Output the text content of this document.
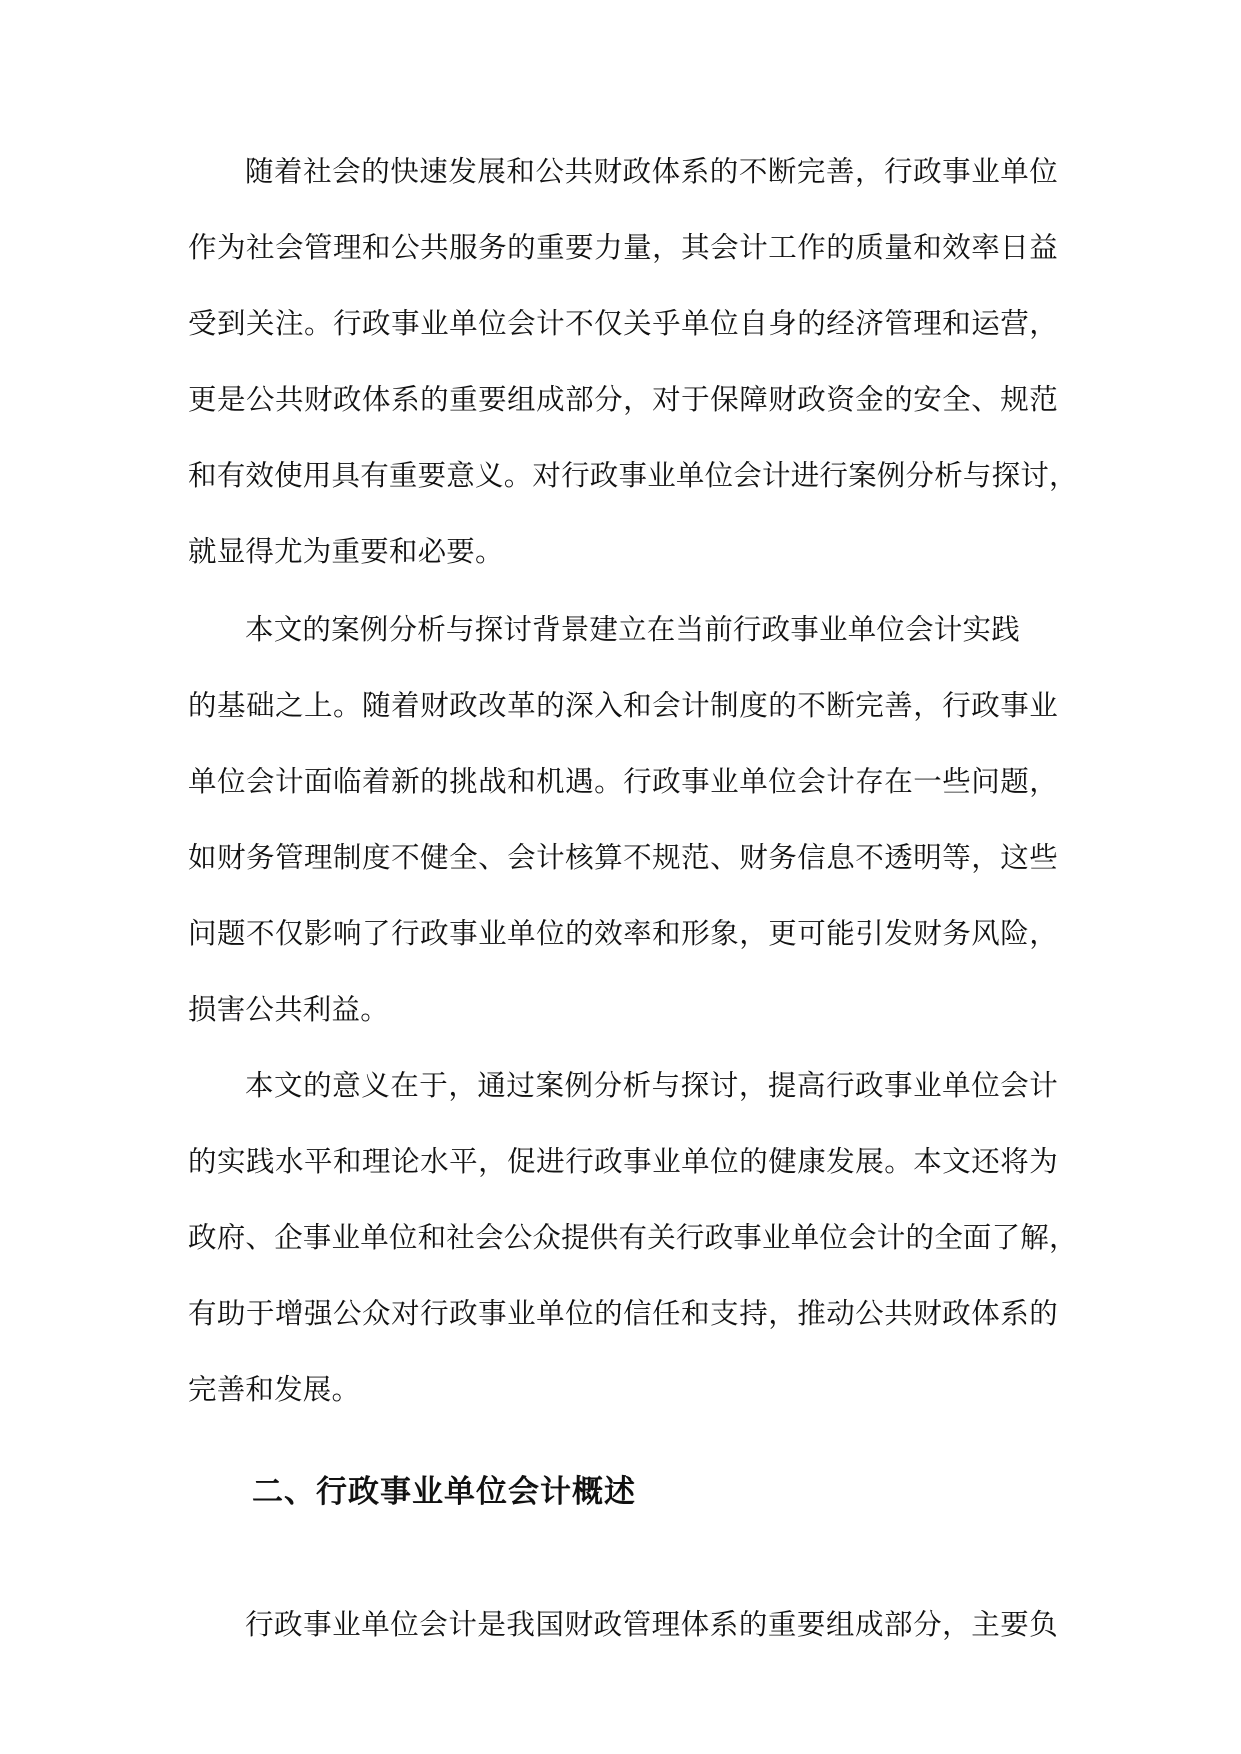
随着社会的快速发展和公共财政体系的不断完善，行政事业单位
作为社会管理和公共服务的重要力量，其会计工作的质量和效率日益
受到关注。行政事业单位会计不仅关乎单位自身的经济管理和运营，
更是公共财政体系的重要组成部分，对于保障财政资金的安全、规范
和有效使用具有重要意义。对行政事业单位会计进行案例分析与探讨，
就显得尤为重要和必要。
本文的案例分析与探讨背景建立在当前行政事业单位会计实践
的基础之上。随着财政改革的深入和会计制度的不断完善，行政事业
单位会计面临着新的挑战和机遇。行政事业单位会计存在一些问题，
如财务管理制度不健全、会计核算不规范、财务信息不透明等，这些
问题不仅影响了行政事业单位的效率和形象，更可能引发财务风险，
损害公共利益。
本文的意义在于，通过案例分析与探讨，提高行政事业单位会计
的实践水平和理论水平，促进行政事业单位的健康发展。本文还将为
政府、企事业单位和社会公众提供有关行政事业单位会计的全面了解，
有助于增强公众对行政事业单位的信任和支持，推动公共财政体系的
完善和发展。
二、行政事业单位会计概述
行政事业单位会计是我国财政管理体系的重要组成部分，主要负
